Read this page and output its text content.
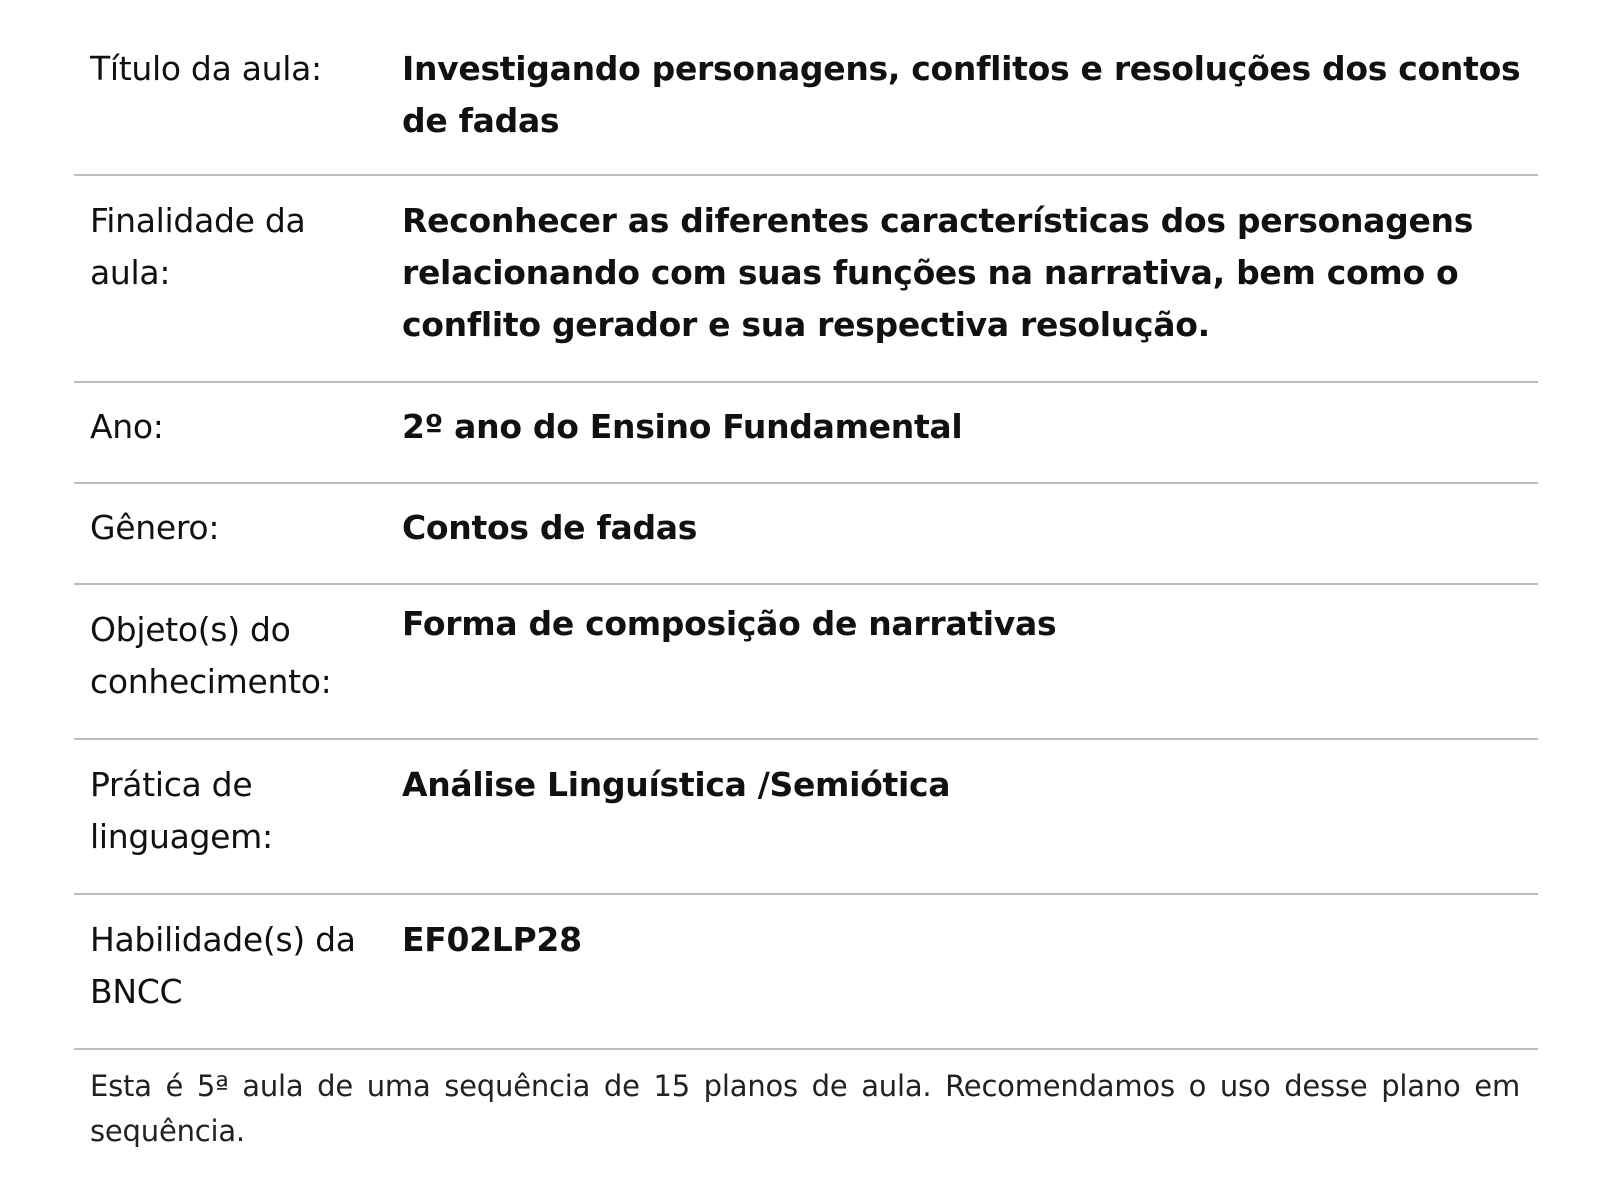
Título da aula:	Investigando personagens, conflitos e resoluções dos contos de fadas
Finalidade da aula:	Reconhecer as diferentes características dos personagens relacionando com suas funções na narrativa, bem como o conflito gerador e sua respectiva resolução.
Ano:	2º ano do Ensino Fundamental
Gênero:	Contos de fadas
Objeto(s) do conhecimento:	Forma de composição de narrativas
Prática de linguagem:	Análise Linguística /Semiótica
Habilidade(s) da BNCC	EF02LP28

Esta é 5ª aula de uma sequência de 15 planos de aula. Recomendamos o uso desse plano em sequência.
